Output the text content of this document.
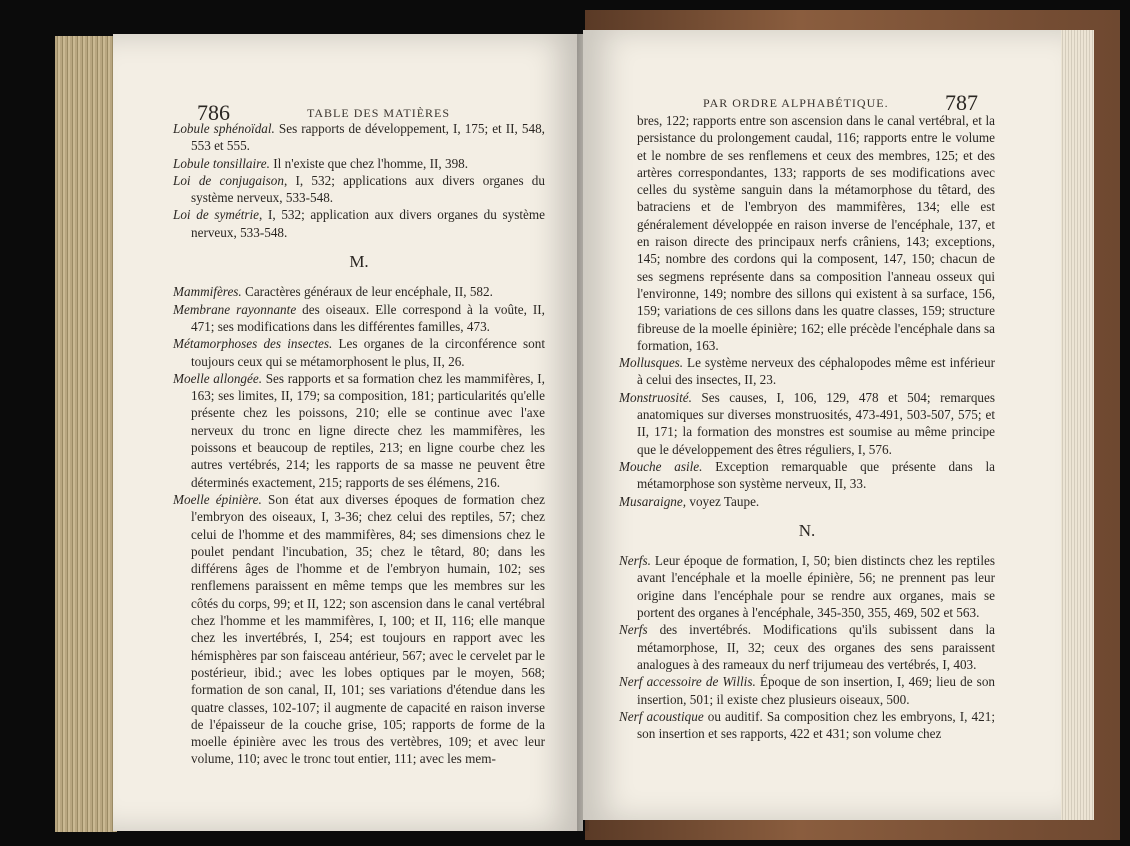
786	TABLE DES MATIÈRES

Lobule sphénoïdal. Ses rapports de développement, I, 175; et II, 548, 553 et 555.

Lobule tonsillaire. Il n'existe que chez l'homme, II, 398.

Loi de conjugaison, I, 532; applications aux divers organes du système nerveux, 533-548.

Loi de symétrie, I, 532; application aux divers organes du système nerveux, 533-548.

M.

Mammifères. Caractères généraux de leur encéphale, II, 582.

Membrane rayonnante des oiseaux. Elle correspond à la voûte, II, 471; ses modifications dans les différentes familles, 473.

Métamorphoses des insectes. Les organes de la circonférence sont toujours ceux qui se métamorphosent le plus, II, 26.

Moelle allongée. Ses rapports et sa formation chez les mammifères, I, 163; ses limites, II, 179; sa composition, 181; particularités qu'elle présente chez les poissons, 210; elle se continue avec l'axe nerveux du tronc en ligne directe chez les mammifères, les poissons et beaucoup de reptiles, 213; en ligne courbe chez les autres vertébrés, 214; les rapports de sa masse ne peuvent être déterminés exactement, 215; rapports de ses élémens, 216.

Moelle épinière. Son état aux diverses époques de formation chez l'embryon des oiseaux, I, 3-36; chez celui des reptiles, 57; chez celui de l'homme et des mammifères, 84; ses dimensions chez le poulet pendant l'incubation, 35; chez le têtard, 80; dans les différens âges de l'homme et de l'embryon humain, 102; ses renflemens paraissent en même temps que les membres sur les côtés du corps, 99; et II, 122; son ascension dans le canal vertébral chez l'homme et les mammifères, I, 100; et II, 116; elle manque chez les invertébrés, I, 254; est toujours en rapport avec les hémisphères par son faisceau antérieur, 567; avec le cervelet par le postérieur, ibid.; avec les lobes optiques par le moyen, 568; formation de son canal, II, 101; ses variations d'étendue dans les quatre classes, 102-107; il augmente de capacité en raison inverse de l'épaisseur de la couche grise, 105; rapports de forme de la moelle épinière avec les trous des vertèbres, 109; et avec leur volume, 110; avec le tronc tout entier, 111; avec les mem-

PAR ORDRE ALPHABÉTIQUE.	787

bres, 122; rapports entre son ascension dans le canal vertébral, et la persistance du prolongement caudal, 116; rapports entre le volume et le nombre de ses renflemens et ceux des membres, 125; et des artères correspondantes, 133; rapports de ses modifications avec celles du système sanguin dans la métamorphose du têtard, des batraciens et de l'embryon des mammifères, 134; elle est généralement développée en raison inverse de l'encéphale, 137, et en raison directe des principaux nerfs crâniens, 143; exceptions, 145; nombre des cordons qui la composent, 147, 150; chacun de ses segmens représente dans sa composition l'anneau osseux qui l'environne, 149; nombre des sillons qui existent à sa surface, 156, 159; variations de ces sillons dans les quatre classes, 159; structure fibreuse de la moelle épinière; 162; elle précède l'encéphale dans sa formation, 163.

Mollusques. Le système nerveux des céphalopodes même est inférieur à celui des insectes, II, 23.

Monstruosité. Ses causes, I, 106, 129, 478 et 504; remarques anatomiques sur diverses monstruosités, 473-491, 503-507, 575; et II, 171; la formation des monstres est soumise au même principe que le développement des êtres réguliers, I, 576.

Mouche asile. Exception remarquable que présente dans la métamorphose son système nerveux, II, 33.

Musaraigne, voyez Taupe.

N.

Nerfs. Leur époque de formation, I, 50; bien distincts chez les reptiles avant l'encéphale et la moelle épinière, 56; ne prennent pas leur origine dans l'encéphale pour se rendre aux organes, mais se portent des organes à l'encéphale, 345-350, 355, 469, 502 et 563.

Nerfs des invertébrés. Modifications qu'ils subissent dans la métamorphose, II, 32; ceux des organes des sens paraissent analogues à des rameaux du nerf trijumeau des vertébrés, I, 403.

Nerf accessoire de Willis. Époque de son insertion, I, 469; lieu de son insertion, 501; il existe chez plusieurs oiseaux, 500.

Nerf acoustique ou auditif. Sa composition chez les embryons, I, 421; son insertion et ses rapports, 422 et 431; son volume chez
